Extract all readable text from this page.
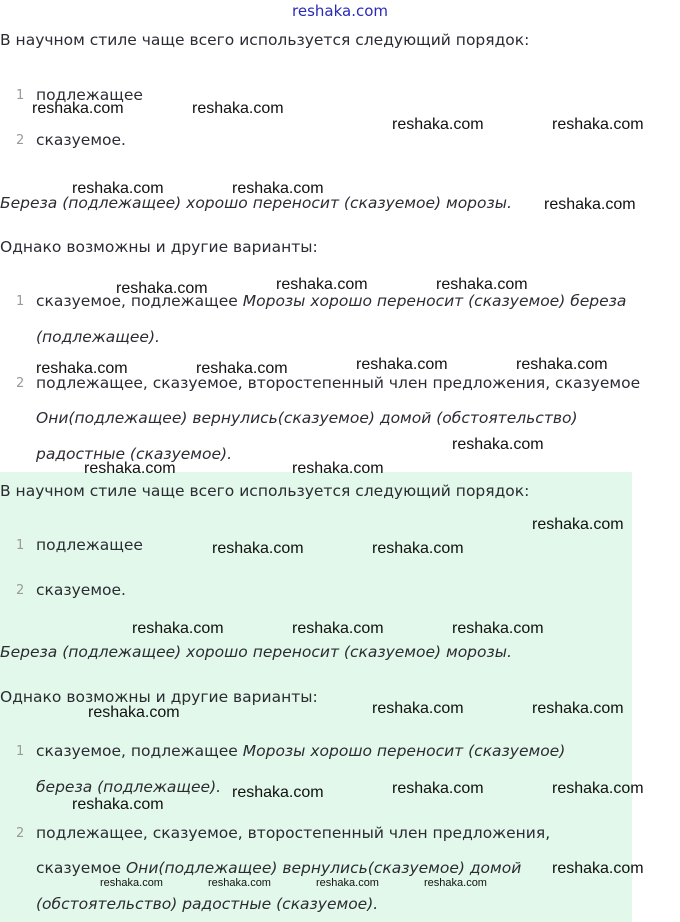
reshaka.com
В научном стиле чаще всего используется следующий порядок:
1 подлежащее
2 сказуемое.
Береза (подлежащее) хорошо переносит (сказуемое) морозы.
Однако возможны и другие варианты:
1 сказуемое, подлежащее Морозы хорошо переносит (сказуемое) береза
(подлежащее).
2 подлежащее, сказуемое, второстепенный член предложения, сказуемое
Они(подлежащее) вернулись(сказуемое) домой (обстоятельство)
радостные (сказуемое).
В научном стиле чаще всего используется следующий порядок:
1 подлежащее
2 сказуемое.
Береза (подлежащее) хорошо переносит (сказуемое) морозы.
Однако возможны и другие варианты:
1 сказуемое, подлежащее Морозы хорошо переносит (сказуемое)
береза (подлежащее).
2 подлежащее, сказуемое, второстепенный член предложения,
сказуемое Они(подлежащее) вернулись(сказуемое) домой
(обстоятельство) радостные (сказуемое).
reshaka.com	reshaka.com
reshaka.com	reshaka.com
reshaka.com	reshaka.com
reshaka.com
reshaka.com	reshaka.com	reshaka.com
reshaka.com	reshaka.com	reshaka.com	reshaka.com
reshaka.com
reshaka.com	reshaka.com
reshaka.com
reshaka.com	reshaka.com
reshaka.com	reshaka.com	reshaka.com
reshaka.com	reshaka.com	reshaka.com
reshaka.com	reshaka.com	reshaka.com
reshaka.com
reshaka.com
reshaka.com	reshaka.com	reshaka.com	reshaka.com
